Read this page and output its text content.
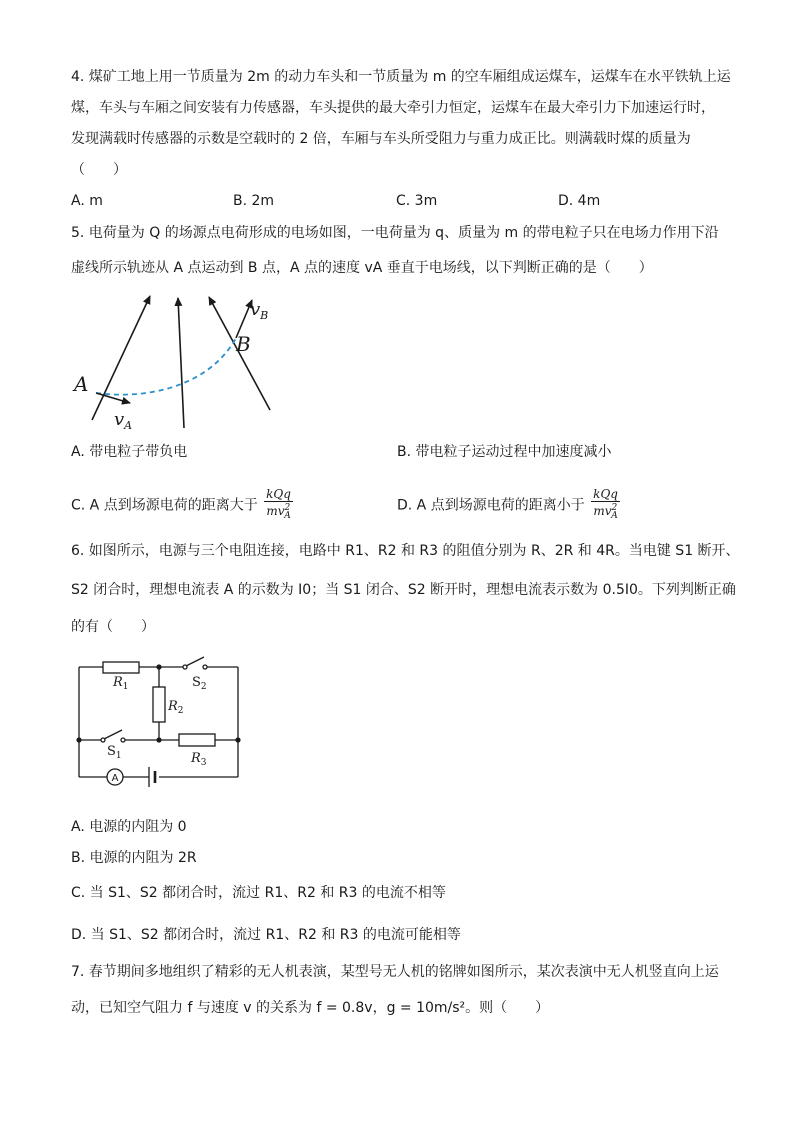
4. 煤矿工地上用一节质量为 2m 的动力车头和一节质量为 m 的空车厢组成运煤车，运煤车在水平铁轨上运
煤，车头与车厢之间安装有力传感器，车头提供的最大牵引力恒定，运煤车在最大牵引力下加速运行时，
发现满载时传感器的示数是空载时的 2 倍，车厢与车头所受阻力与重力成正比。则满载时煤的质量为
（　　）
A. m	B. 2m	C. 3m	D. 4m
5. 电荷量为 Q 的场源点电荷形成的电场如图，一电荷量为 q、质量为 m 的带电粒子只在电场力作用下沿
虚线所示轨迹从 A 点运动到 B 点，A 点的速度 vA 垂直于电场线，以下判断正确的是（　　）
A
B
$v_A$
$v_B$
A. 带电粒子带负电	B. 带电粒子运动过程中加速度减小
C. A 点到场源电荷的距离大于 $\frac{\text{kQq}}{mv^2_A}$	D. A 点到场源电荷的距离小于 $\frac{\text{kQq}}{mv^2_A}$
6. 如图所示，电源与三个电阻连接，电路中 R1、R2 和 R3 的阻值分别为 R、2R 和 4R。当电键 S1 断开、
S2 闭合时，理想电流表 A 的示数为 I0；当 S1 闭合、S2 断开时，理想电流表示数为 0.5I0。下列判断正确
的有（　　）
A
$R_1$	$S_2$
$R_2$
$S_1$	$R_3$
A. 电源的内阻为 0
B. 电源的内阻为 2R
C. 当 S1、S2 都闭合时，流过 R1、R2 和 R3 的电流不相等
D. 当 S1、S2 都闭合时，流过 R1、R2 和 R3 的电流可能相等
7. 春节期间多地组织了精彩的无人机表演，某型号无人机的铭牌如图所示，某次表演中无人机竖直向上运
动，已知空气阻力 f 与速度 v 的关系为 f = 0.8v，g = 10m/s²。则（　　）
